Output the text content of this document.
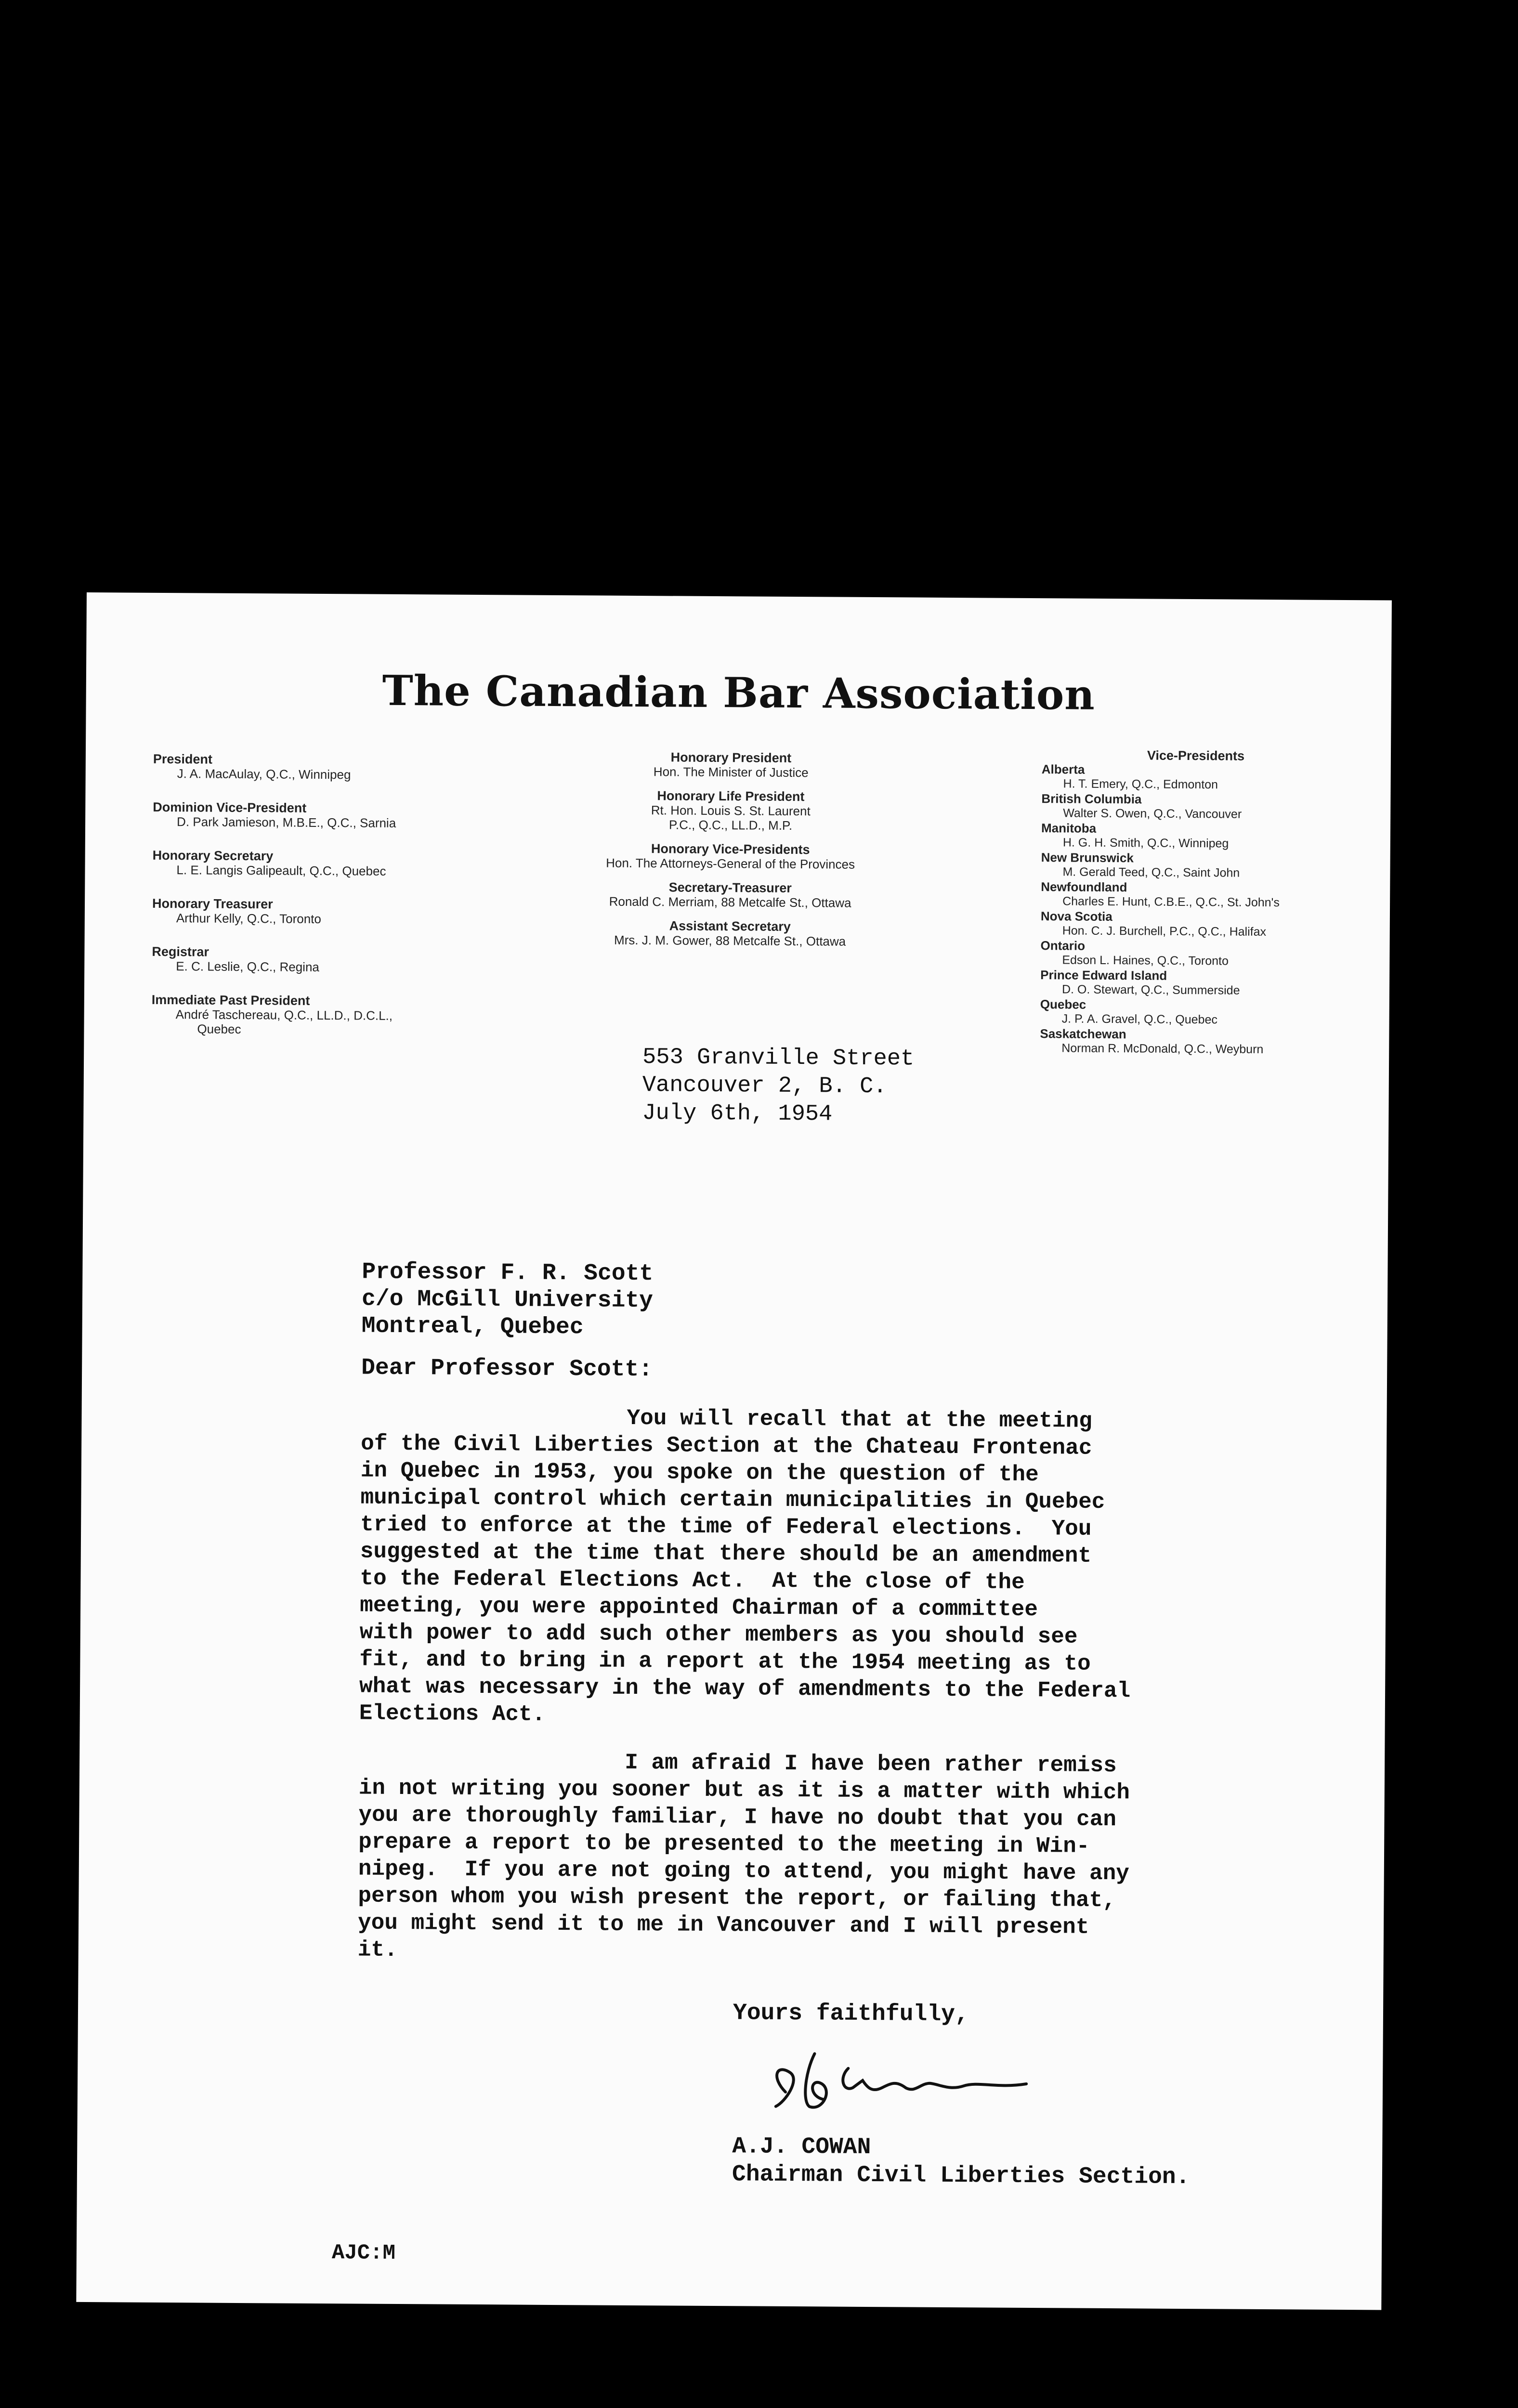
The Canadian Bar Association
President
J. A. MacAulay, Q.C., Winnipeg
Dominion Vice-President
D. Park Jamieson, M.B.E., Q.C., Sarnia
Honorary Secretary
L. E. Langis Galipeault, Q.C., Quebec
Honorary Treasurer
Arthur Kelly, Q.C., Toronto
Registrar
E. C. Leslie, Q.C., Regina
Immediate Past President
André Taschereau, Q.C., LL.D., D.C.L.,
Quebec
Honorary President
Hon. The Minister of Justice
Honorary Life President
Rt. Hon. Louis S. St. Laurent
P.C., Q.C., LL.D., M.P.
Honorary Vice-Presidents
Hon. The Attorneys-General of the Provinces
Secretary-Treasurer
Ronald C. Merriam, 88 Metcalfe St., Ottawa
Assistant Secretary
Mrs. J. M. Gower, 88 Metcalfe St., Ottawa
Vice-Presidents
Alberta
H. T. Emery, Q.C., Edmonton
British Columbia
Walter S. Owen, Q.C., Vancouver
Manitoba
H. G. H. Smith, Q.C., Winnipeg
New Brunswick
M. Gerald Teed, Q.C., Saint John
Newfoundland
Charles E. Hunt, C.B.E., Q.C., St. John's
Nova Scotia
Hon. C. J. Burchell, P.C., Q.C., Halifax
Ontario
Edson L. Haines, Q.C., Toronto
Prince Edward Island
D. O. Stewart, Q.C., Summerside
Quebec
J. P. A. Gravel, Q.C., Quebec
Saskatchewan
Norman R. McDonald, Q.C., Weyburn
553 Granville Street
Vancouver 2, B. C.
July 6th, 1954
Professor F. R. Scott
c/o McGill University
Montreal, Quebec
Dear Professor Scott:
You will recall that at the meeting
of the Civil Liberties Section at the Chateau Frontenac
in Quebec in 1953, you spoke on the question of the
municipal control which certain municipalities in Quebec
tried to enforce at the time of Federal elections.  You
suggested at the time that there should be an amendment
to the Federal Elections Act.  At the close of the
meeting, you were appointed Chairman of a committee
with power to add such other members as you should see
fit, and to bring in a report at the 1954 meeting as to
what was necessary in the way of amendments to the Federal
Elections Act.
I am afraid I have been rather remiss
in not writing you sooner but as it is a matter with which
you are thoroughly familiar, I have no doubt that you can
prepare a report to be presented to the meeting in Win-
nipeg.  If you are not going to attend, you might have any
person whom you wish present the report, or failing that,
you might send it to me in Vancouver and I will present
it.
Yours faithfully,
A.J. COWAN
Chairman Civil Liberties Section.
AJC:M
